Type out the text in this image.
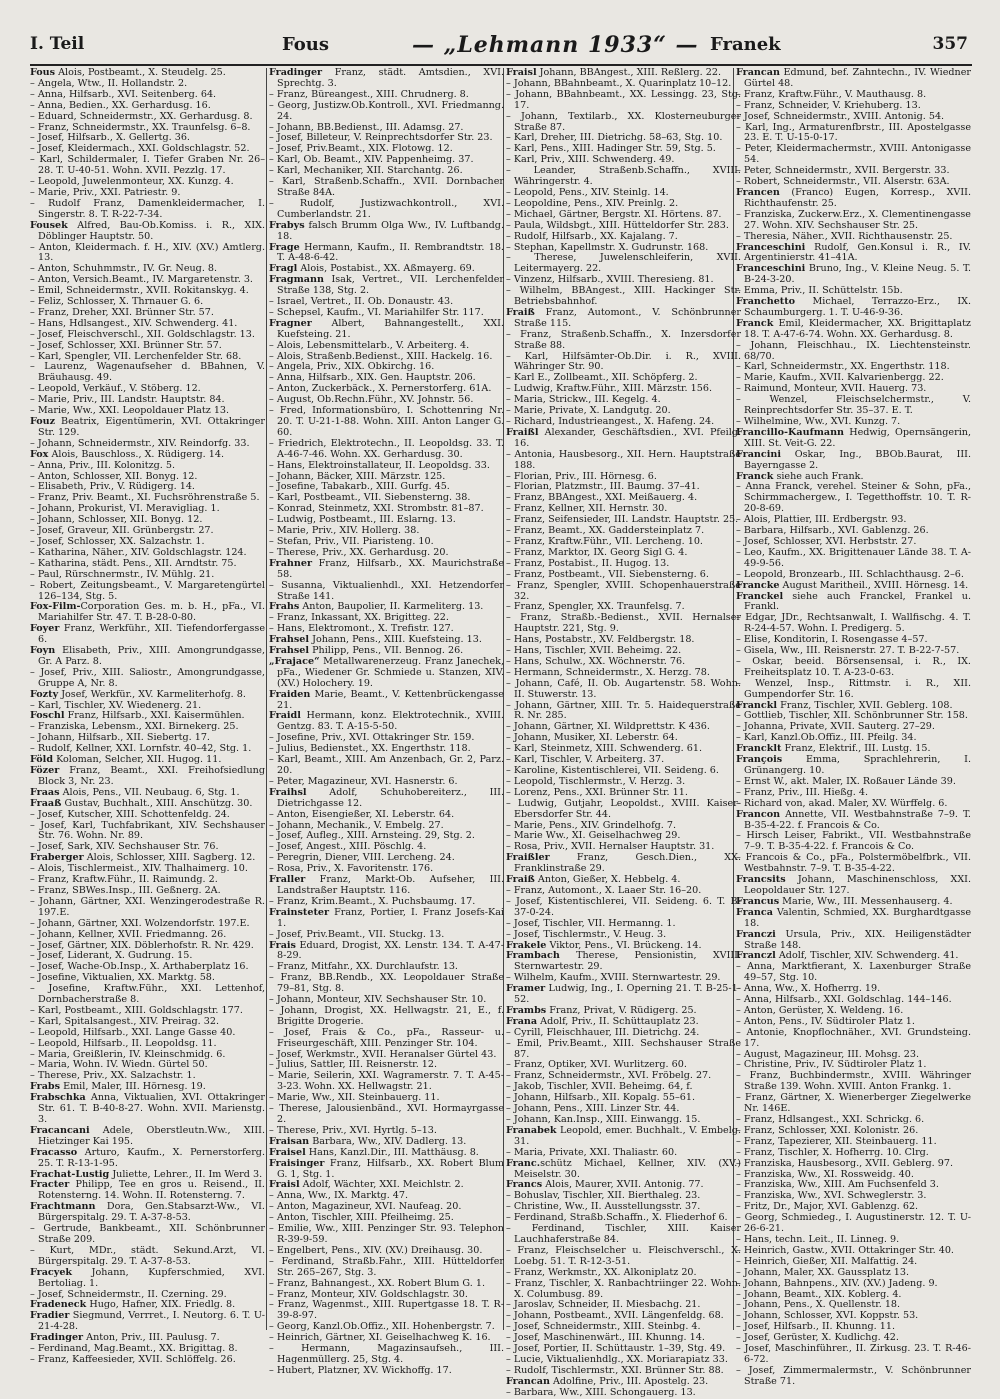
I. Teil	Fous	— „Lehmann 1933“ — Franek	357

Fous Alois, Postbeamt., X. Steudelg. 25.

– Angela, Wtw., II. Hollandstr. 2.

– Anna, Hilfsarb., XVI. Seitenberg. 64.

– Anna, Bedien., XX. Gerhardusg. 16.

– Eduard, Schneidermstr., XX. Gerhardusg. 8.

– Franz, Schneidermstr., XX. Traunfelsg. 6–8.

– Josef, Hilfsarb., X. Gellertg. 36.

– Josef, Kleidermach., XXI. Goldschlagstr. 52.

– Karl, Schildermaler, I. Tiefer Graben Nr. 26–28. T. U-40-51. Wohn. XVII. Pezzlg. 17.

– Leopold, Juwelenmonteur, XX. Kunzg. 4.

– Marie, Priv., XXI. Patriestr. 9.

– Rudolf Franz, Damenkleidermacher, I. Singerstr. 8. T. R-22-7-34.

Fousek Alfred, Bau-Ob.Komiss. i. R., XIX. Döblinger Hauptstr. 50.

– Anton, Kleidermach. f. H., XIV. (XV.) Amtlerg. 13.

– Anton, Schuhmmstr., IV. Gr. Neug. 8.

– Anton, Versich.Beamt., IV. Margaretenstr. 3.

– Emil, Schneidermstr., XVII. Rokitanskyg. 4.

– Feliz, Schlosser, X. Thrnauer G. 6.

– Franz, Dreher, XXI. Brünner Str. 57.

– Hans, Hdlsangest., XIV. Schwenderg. 41.

– Josef, Fleischverschl., XII. Goldschlagstr. 13.

– Josef, Schlosser, XXI. Brünner Str. 57.

– Karl, Spengler, VII. Lerchenfelder Str. 68.

– Laurenz, Wagenaufseher d. BBahnen, V. Bräuhausg. 49.

– Leopold, Verkäuf., V. Stöberg. 12.

– Marie, Priv., III. Landstr. Hauptstr. 84.

– Marie, Ww., XXI. Leopoldauer Platz 13.

Fouz Beatrix, Eigentümerin, XVI. Ottakringer Str. 129.

– Johann, Schneidermstr., XIV. Reindorfg. 33.

Fox Alois, Bauschloss., X. Rüdigerg. 14.

– Anna, Priv., III. Kolonitzg. 5.

– Anton, Schlosser, XII. Bonyg. 12.

– Elisabeth, Priv., V. Rüdigerg. 14.

– Franz, Priv. Beamt., XI. Fuchsröhrenstraße 5.

– Johann, Prokurist, VI. Meravigliag. 1.

– Johann, Schlosser, XII. Bonyg. 12.

– Josef, Graveur, XII. Grünbergstr. 27.

– Josef, Schlosser, XX. Salzachstr. 1.

– Katharina, Näher., XIV. Goldschlagstr. 124.

– Katharina, städt. Pens., XII. Arndtstr. 75.

– Paul, Rürschnermstr., IV. Mühlg. 21.

– Robert, Zeitungsbeamt., V. Margaretengürtel 126–134, Stg. 5.

Fox-Film-Corporation Ges. m. b. H., pFa., VI. Mariahilfer Str. 47. T. B-28-0-80.

Foyer Franz, Werkführ., XII. Tiefendorfergasse 6.

Foyn Elisabeth, Priv., XIII. Amongrundgasse, Gr. A Parz. 8.

– Josef, Priv., XIII. Saliostr., Amongrundgasse, Gruppe A, Nr. 8.

Fozty Josef, Werkfür., XV. Karmeliterhofg. 8.

– Karl, Tischler, XV. Wiedenerg. 21.

Foschl Franz, Hilfsarb., XXI. Kaisermühlen.

– Franziska, Lebensm., XXI. Birnekerg. 25.

– Johann, Hilfsarb., XII. Siebertg. 17.

– Rudolf, Kellner, XXI. Lornfstr. 40–42, Stg. 1.

Föld Koloman, Selcher, XII. Hugog. 11.

Fözer Franz, Beamt., XXI. Freihofsiedlung Block 3, Nr. 23.

Fraas Alois, Pens., VII. Neubaug. 6, Stg. 1.

Fraaß Gustav, Buchhalt., XIII. Anschützg. 30.

– Josef, Kutscher, XIII. Schottenfeldg. 24.

– Josef, Karl, Tuchfabrikant, XIV. Sechshauser Str. 76. Wohn. Nr. 89.

– Josef, Sark, XIV. Sechshauser Str. 76.

Fraberger Alois, Schlosser, XIII. Sagberg. 12.

– Alois, Tischlermeist., XIV. Thalhaimerg. 10.

– Franz, Kraftw.Führ., II. Raimundg. 2.

– Franz, SBWes.Insp., III. Geßnerg. 2A.

– Johann, Gärtner, XXI. Wenzingerodestraße R. 197.E.

– Johann, Gärtner, XXI. Wolzendorfstr. 197.E.

– Johann, Kellner, XVII. Friedmanng. 26.

– Josef, Gärtner, XIX. Döblerhofstr. R. Nr. 429.

– Josef, Liderant, X. Gudrung. 15.

– Josef, Wache-Ob.Insp., X. Arthaberplatz 16.

– Josefine, Viktualien, XX. Marktg. 58.

– Josefine, Kraftw.Führ., XXI. Lettenhof, Dornbacherstraße 8.

– Karl, Postbeamt., XIII. Goldschlagstr. 177.

– Karl, Spitalsangest., XIV. Preirag. 32.

– Leopold, Hilfsarb., XXI. Lange Gasse 40.

– Leopold, Hilfsarb., II. Leopoldsg. 11.

– Maria, Greißlerin, IV. Kleinschmidg. 6.

– Maria, Wohn. IV. Wiedn. Gürtel 50.

– Therese, Priv., XX. Salzachstr. 1.

Frabs Emil, Maler, III. Hörnesg. 19.

Frabschka Anna, Viktualien, XVI. Ottakringer Str. 61. T. B-40-8-27. Wohn. XVII. Marienstg. 3.

Fracancani Adele, Oberstleutn.Ww., XIII. Hietzinger Kai 195.

Fracasso Arturo, Kaufm., X. Pernerstorferg. 25. T. R-13-1-95.

Frachat-Lustig Juliette, Lehrer., II. Im Werd 3.

Fracter Philipp, Tee en gros u. Reisend., II. Rotensterng. 14. Wohn. II. Rotensterng. 7.

Frachtmann Dora, Gen.Stabsarzt-Ww., VI. Bürgerspitalg. 29. T. A-37-8-53.

– Gertrude, Bankbeamt., XII. Schönbrunner Straße 209.

– Kurt, MDr., städt. Sekund.Arzt, VI. Bürgerspitalg. 29. T. A-37-8-53.

Fracyek Johann, Kupferschmied, XVI. Bertoliag. 1.

– Josef, Schneidermstr., II. Czerning. 29.

Fradeneck Hugo, Hafner, XIX. Friedlg. 8.

Fradier Siegmund, Verrret., I. Neutorg. 6. T. U-21-4-28.

Fradinger Anton, Priv., III. Paulusg. 7.

– Ferdinand, Mag.Beamt., XX. Brigittag. 8.

– Franz, Kaffeesieder, XVII. Schlöffelg. 26.

Fradinger Franz, städt. Amtsdien., XVI. Sprechtg. 3.

– Franz, Büreangest., XIII. Chrudnerg. 8.

– Georg, Justizw.Ob.Kontroll., XVI. Friedmanng. 24.

– Johann, BB.Bedienst., III. Adamsg. 27.

– Josef, Billeteur, V. Reinprechtsdorfer Str. 23.

– Josef, Priv.Beamt., XIX. Flotowg. 12.

– Karl, Ob. Beamt., XIV. Pappenheimg. 37.

– Karl, Mechaniker, XII. Starchantg. 26.

– Karl, Straßenb.Schaffn., XVII. Dornbacher Straße 84A.

– Rudolf, Justizwachkontroll., XVI. Cumberlandstr. 21.

Frabys falsch Brumm Olga Ww., IV. Luftbandg. 18.

Frage Hermann, Kaufm., II. Rembrandtstr. 18. T. A-48-6-42.

Fragl Alois, Postabist., XX. Aßmayerg. 69.

Fragmann Isak, Vertret., VII. Lerchenfelder Straße 138, Stg. 2.

– Israel, Vertret., II. Ob. Donaustr. 43.

– Schepsel, Kaufm., VI. Mariahilfer Str. 117.

Fragner Albert, Bahnangestellt., XXI. Kuefsteing. 21.

– Alois, Lebensmittelarb., V. Arbeiterg. 4.

– Alois, Straßenb.Bedienst., XIII. Hackelg. 16.

– Angela, Priv., XIX. Obkirchg. 16.

– Anna, Hilfsarb., XIX. Gen. Hauptstr. 206.

– Anton, Zuckerbäck., X. Pernerstorferg. 61A.

– August, Ob.Rechn.Führ., XV. Johnstr. 56.

– Fred, Informationsbüro, I. Schottenring Nr. 20. T. U-21-1-88. Wohn. XIII. Anton Langer G. 60.

– Friedrich, Elektrotechn., II. Leopoldsg. 33. T. A-46-7-46. Wohn. XX. Gerhardusg. 30.

– Hans, Elektroinstallateur, II. Leopoldsg. 33.

– Johann, Bäcker, XIII. Märzstr. 125.

– Josefine, Tabakarb., XIII. Gurfg. 45.

– Karl, Postbeamt., VII. Siebensterng. 38.

– Konrad, Steinmetz, XXI. Strombstr. 81–87.

– Ludwig, Postbeamt., III. Eslarng. 13.

– Marie, Priv., XIV. Hollerg. 38.

– Stefan, Priv., VII. Piaristeng. 10.

– Therese, Priv., XX. Gerhardusg. 20.

Frahner Franz, Hilfsarb., XX. Maurichstraße 58.

– Susanna, Viktualienhdl., XXI. Hetzendorfer Straße 141.

Frahs Anton, Baupolier, II. Karmeliterg. 13.

– Franz, Inkassant, XX. Brigitteg. 22.

– Hans, Elektromont., X. Trefistr. 127.

Frahsel Johann, Pens., XIII. Kuefsteing. 13.

Frahsel Philipp, Pens., VII. Bennog. 26.

„Frajace“ Metallwarenerzeug. Franz Janechek, pFa., Wiedener Gr. Schmiede u. Stanzen, XIV. (XV.) Holochery. 19.

Fraiden Marie, Beamt., V. Kettenbrückengasse 21.

Fraidl Hermann, konz. Elektrotechnik., XVIII. Gentzg. 83. T. A-15-5-50.

– Josefine, Priv., XVI. Ottakringer Str. 159.

– Julius, Bedienstet., XX. Engerthstr. 118.

– Karl, Beamt., XIII. Am Anzenbach, Gr. 2, Parz. 20.

– Peter, Magazineur, XVI. Hasnerstr. 6.

Fraihsl Adolf, Schuhobereiterz., III. Dietrichgasse 12.

– Anton, Eisengießer, XI. Leberstr. 64.

– Johann, Mechanik., V. Embelg. 27.

– Josef, Aufleg., XIII. Arnsteing. 29, Stg. 2.

– Josef, Angest., XIII. Pöschlg. 4.

– Peregrin, Diener, VIII. Lercheng. 24.

– Rosa, Priv., X. Favoritenstr. 176.

Fraller Franz, Markt-Ob. Aufseher, III. Landstraßer Hauptstr. 116.

– Franz, Krim.Beamt., X. Puchsbaumg. 17.

Frainsteter Franz, Portier, I. Franz Josefs-Kai 1.

– Josef, Priv.Beamt., VII. Stuckg. 13.

Frais Eduard, Drogist, XX. Lenstr. 134. T. A-47-8-29.

– Franz, Mitfahr., XX. Durchlaufstr. 13.

– Franz, BB.Rendb., XX. Leopoldauer Straße 79–81, Stg. 8.

– Johann, Monteur, XIV. Sechshauser Str. 10.

– Johann, Drogist, XX. Hellwagstr. 21, E., f. Brigitte Drogerie.

– Josef, Frais & Co., pFa., Rasseur- u. Friseurgeschäft, XIII. Penzinger Str. 104.

– Josef, Werkmstr., XVII. Heranalser Gürtel 43.

– Julius, Sattler, III. Reisnerstr. 12.

– Marie, Seilerin, XXI. Wagramerstr. 7. T. A-45-3-23. Wohn. XX. Hellwagstr. 21.

– Marie, Ww., XII. Steinbauerg. 11.

– Therese, Jalousienbänd., XVI. Hormayrgasse 2.

– Therese, Priv., XVI. Hyrtlg. 5–13.

Fraisan Barbara, Ww., XIV. Dadlerg. 13.

Fraisel Hans, Kanzl.Dir., III. Matthäusg. 8.

Fraisinger Franz, Hilfsarb., XX. Robert Blum G. 1, Stg. 1.

Fraisl Adolf, Wächter, XXI. Meichlstr. 2.

– Anna, Ww., IX. Marktg. 47.

– Anton, Magazineur, XVI. Naufeag. 20.

– Anton, Tischler, XIII. Pfeilheimg. 25.

– Emilie, Ww., XIII. Penzinger Str. 93. Telephon R-39-9-59.

– Engelbert, Pens., XIV. (XV.) Dreihausg. 30.

– Ferdinand, Straßb.Fahr., XIII. Hütteldorfer Str. 265–267, Stg. 3.

– Franz, Bahnangest., XX. Robert Blum G. 1.

– Franz, Monteur, XIV. Goldschlagstr. 30.

– Franz, Wagenmst., XIII. Rupertgasse 18. T. R-39-8-97.

– Georg, Kanzl.Ob.Offiz., XII. Hohenbergstr. 7.

– Heinrich, Gärtner, XI. Geiselhachweg K. 16.

– Hermann, Magazinsaufseh., III. Hagenmüllerg. 25, Stg. 4.

– Hubert, Platzner, XV. Wickhoffg. 17.

Fraisl Johann, BBAngest., XIII. Reßlerg. 22.

– Johann, BBahnbeamt., X. Quarinplatz 10–12.

– Johann, BBahnbeamt., XX. Lessingg. 23, Stg. 17.

– Johann, Textilarb., XX. Klosterneuburger Straße 87.

– Karl, Dreher, III. Dietrichg. 58–63, Stg. 10.

– Karl, Pens., XIII. Hadinger Str. 59, Stg. 5.

– Karl, Priv., XIII. Schwenderg. 49.

– Leander, Straßenb.Schaffn., XVIII. Währingerstr. 4.

– Leopold, Pens., XIV. Steinlg. 14.

– Leopoldine, Pens., XIV. Preinlg. 2.

– Michael, Gärtner, Bergstr. XI. Hörtens. 87.

– Paula, Wildsbgt., XIII. Hütteldorfer Str. 283.

– Rudolf, Hilfsarb., XX. Kajalang. 7.

– Stephan, Kapellmstr. X. Gudrunstr. 168.

– Therese, Juwelenschleiferin, XVII. Leitermayerg. 22.

– Vinzenz, Hilfsarb., XVIII. Theresieng. 81.

– Wilhelm, BBAngest., XIII. Hackinger Str. Betriebsbahnhof.

Fraiß Franz, Automont., V. Schönbrunner Straße 115.

– Franz, Straßenb.Schaffn., X. Inzersdorfer Straße 88.

– Karl, Hilfsämter-Ob.Dir. i. R., XVIII. Währinger Str. 90.

– Karl E., Zollbeamt., XII. Schöpferg. 2.

– Ludwig, Kraftw.Führ., XIII. Märzstr. 156.

– Maria, Strickw., III. Kegelg. 4.

– Marie, Private, X. Landgutg. 20.

– Richard, Industrieangest., X. Hafeng. 24.

Fraißl Alexander, Geschäftsdien., XVI. Pfeilg. 16.

– Antonia, Hausbesorg., XII. Hern. Hauptstraße 188.

– Florian, Priv., III. Hörnesg. 6.

– Florian, Platzmstr., III. Baumg. 37–41.

– Franz, BBAngest., XXI. Meißauerg. 4.

– Franz, Kellner, XII. Hernstr. 30.

– Franz, Seifensieder, III. Landstr. Hauptstr. 25.

– Franz, Beamt., XX. Gaddersteinplatz 7.

– Franz, Kraftw.Führ., VII. Lercheng. 10.

– Franz, Marktor, IX. Georg Sigl G. 4.

– Franz, Postabist., II. Hugog. 13.

– Franz, Postbeamt., VII. Siebensterng. 6.

– Franz, Spengler, XVIII. Schopenhauerstraße 32.

– Franz, Spengler, XX. Traunfelsg. 7.

– Franz, Straßb.-Bedienst., XVII. Hernalser Hauptstr. 221, Stg. 9.

– Hans, Postabstr., XV. Feldbergstr. 18.

– Hans, Tischler, XVII. Beheimg. 22.

– Hans, Schulw., XX. Wöchnerstr. 76.

– Hermann, Schneidermstr., X. Herzg. 78.

– Johann, Café, II. Ob. Augartenstr. 58. Wohn. II. Stuwerstr. 13.

– Johann, Gärtner, XIII. Tr. 5. Haidequerstraße R. Nr. 285.

– Johann, Gärtner, XI. Wildprettstr. K 436.

– Johann, Musiker, XI. Leberstr. 64.

– Karl, Steinmetz, XIII. Schwenderg. 61.

– Karl, Tischler, V. Arbeiterg. 37.

– Karoline, Kistentischlerei, VII. Seideng. 6.

– Leopold, Tischlermstr., V. Herzg. 3.

– Lorenz, Pens., XXI. Brünner Str. 11.

– Ludwig, Gutjahr, Leopoldst., XVIII. Kaiser-Ebersdorfer Str. 44.

– Marie, Pens., XIV. Grindelhofg. 7.

– Marie Ww., XI. Geiselhachweg 29.

– Rosa, Priv., XVII. Hernalser Hauptstr. 31.

Fraißler Franz, Gesch.Dien., XX. Franklinstraße 29.

Fraiß Anton, Gießer, X. Hebbelg. 4.

– Franz, Automont., X. Laaer Str. 16–20.

– Josef, Kistentischlerei, VII. Seideng. 6. T. B-37-0-24.

– Josef, Tischler, VII. Hermanng. 1.

– Josef, Tischlermstr., V. Heug. 3.

Frakele Viktor, Pens., VI. Brückeng. 14.

Frambach Therese, Pensionistin, XVIII. Sternwartestr. 29.

– Wilhelm, Kaufm., XVIII. Sternwartestr. 29.

Framer Ludwig, Ing., I. Operning 21. T. B-25-1-52.

Frambs Franz, Privat, V. Rüdigerg. 25.

Frana Adolf, Priv., II. Schüttauplatz 23.

– Cyrill, Fleischhauer, III. Dietrichg. 24.

– Emil, Priv.Beamt., XIII. Sechshauser Straße 87.

– Franz, Optiker, XVI. Wurlitzerg. 60.

– Franz, Schneidermstr., XVI. Fröbelg. 27.

– Jakob, Tischler, XVII. Beheimg. 64, f.

– Johann, Hilfsarb., XII. Kopalg. 55–61.

– Johann, Pens., XIII. Linzer Str. 44.

– Johann, Kan.Insp., XIII. Einwangg. 15.

Franabek Leopold, emer. Buchhalt., V. Embelg. 31.

– Maria, Private, XXI. Thaliastr. 60.

Franc.schütz Michael, Kellner, XIV. (XV.) Meiselstr. 30.

Francs Alois, Maurer, XVII. Antonig. 77.

– Bohuslav, Tischler, XII. Bierthaleg. 23.

– Christine, Ww., II. Ausstellungsstr. 37.

– Ferdinand, Straßb.Schaffn., X. Fliederhof 6.

– Ferdinand, Tischler, XIII. Kaiser Lauchhaferstraße 84.

– Franz, Fleischselcher u. Fleischverschl., X. Loebg. 51. T. R-12-3-51.

– Franz, Werkmstr., XX. Alkoniplatz 20.

– Franz, Tischler, X. Ranbachtriinger 22. Wohn. X. Columbusg. 89.

– Jaroslav, Schneider, II. Miesbachg. 21.

– Johann, Postbeamt., XVII. Längenfeldg. 68.

– Josef, Schneidermstr., XIII. Steinbg. 4.

– Josef, Maschinenwärt., III. Khunng. 14.

– Josef, Portier, II. Schüttaustr. 1–39, Stg. 49.

– Lucie, Viktualienhdlg., XX. Moriarapiatz 33.

– Rudolf, Tischlermstr., XXI. Brünner Str. 88.

Francan Adolfine, Priv., III. Apostelg. 23.

– Barbara, Ww., XIII. Schongauerg. 13.

Francan Edmund, bef. Zahntechn., IV. Wiedner Gürtel 48.

– Franz, Kraftw.Führ., V. Mauthausg. 8.

– Franz, Schneider, V. Kriehuberg. 13.

– Josef, Schneidermstr., XVIII. Antonig. 54.

– Karl, Ing., Armaturenfbrstr., III. Apostelgasse 23. E. T. U-15-0-17.

– Peter, Kleidermachermstr., XVIII. Antonigasse 54.

– Peter, Schneidermstr., XVII. Bergerstr. 33.

– Robert, Schneidermstr., VII. Alserstr. 63A.

Francen (Franco) Eugen, Korresp., XVII. Richthaufenstr. 25.

– Franziska, Zuckerw.Erz., X. Clementinengasse 27. Wohn. XIV. Sechshauser Str. 25.

– Theresia, Näher., XVII. Richthausenstr. 25.

Franceschini Rudolf, Gen.Konsul i. R., IV. Argentinierstr. 41–41A.

Franceschini Bruno, Ing., V. Kleine Neug. 5. T. B-24-3-20.

– Emma, Priv., II. Schüttelstr. 15b.

Franchetto Michael, Terrazzo-Erz., IX. Schaumburgerg. 1. T. U-46-9-36.

Franck Emil, Kleidermacher, XX. Brigittaplatz 18. T. A-47-6-74. Wohn. XX. Gerhardusg. 8.

– Johann, Fleischhau., IX. Liechtensteinstr. 68/70.

– Karl, Schneidermstr., XX. Engerthstr. 118.

– Marie, Kaufm., XVII. Kalvarienbergg. 22.

– Raimund, Monteur, XVII. Hauerg. 73.

– Wenzel, Fleischselchermstr., V. Reinprechtsdorfer Str. 35–37. E. T.

– Wilhelmine, Ww., XVI. Kunzg. 7.

Francillo-Kaufmann Hedwig, Opernsängerin, XIII. St. Veit-G. 22.

Francini Oskar, Ing., BBOb.Baurat, III. Bayerngasse 2.

Franck siehe auch Frank.

– Anna Franck, verehel. Steiner & Sohn, pFa., Schirmmachergew., I. Tegetthoffstr. 10. T. R-20-8-69.

– Alois, Plattier, III. Erdbergstr. 93.

– Barbara, Hilfsarb., XVI. Gablenzg. 26.

– Josef, Schlosser, XVI. Herbststr. 27.

– Leo, Kaufm., XX. Brigittenauer Lände 38. T. A-49-9-56.

– Leopold, Bronzearb., III. Schlachthausg. 2–6.

Francke August Maritheil., XVIII. Hörnesg. 14.

Franckel siehe auch Franckel, Frankel u. Frankl.

– Edgar, JDr., Rechtsanwalt, I. Wallfischg. 4. T. R-24-4-57. Wohn. I. Predigerg. 5.

– Elise, Konditorin, I. Rosengasse 4–57.

– Gisela, Ww., III. Reisnerstr. 27. T. B-22-7-57.

– Oskar, beeid. Börsensensal, i. R., IX. Freiheitsplatz 10. T. A-23-0-63.

– Wenzel, Insp., Rittmstr. i. R., XII. Gumpendorfer Str. 16.

Franckl Franz, Tischler, XVII. Geblerg. 108.

– Gottlieb, Tischler, XII. Schönbrunner Str. 158.

– Johanna, Private, XVII. Sauterg. 27–29.

– Karl, Kanzl.Ob.Offiz., III. Pfeilg. 34.

Francklt Franz, Elektrif., III. Lustg. 15.

François Emma, Sprachlehrerin, I. Grünangerg. 10.

– Ernst W., akt. Maler, IX. Roßauer Lände 39.

– Franz, Priv., III. Hießg. 4.

– Richard von, akad. Maler, XV. Würffelg. 6.

Francon Annette, VII. Westbahnstraße 7–9. T. B-35-4-22. f. Francois & Co.

– Hirsch Leiser, Fabrikt., VII. Westbahnstraße 7–9. T. B-35-4-22. f. Francois & Co.

– Francois & Co., pFa., Polstermöbelfbrk., VII. Westbahnstr. 7–9. T. B-35-4-22.

Francsits Johann, Maschinenschloss, XXI. Leopoldauer Str. 127.

Francus Marie, Ww., III. Messenhauserg. 4.

Franca Valentin, Schmied, XX. Burghardtgasse 18.

Franczi Ursula, Priv., XIX. Heiligenstädter Straße 148.

Franczl Adolf, Tischler, XIV. Schwenderg. 41.

– Anna, Marktfierant, X. Laxenburger Straße 49–57, Stg. 10.

– Anna, Ww., X. Hofherrg. 19.

– Anna, Hilfsarb., XXI. Goldschlag. 144–146.

– Anton, Gerüster, X. Weldeng. 16.

– Anton, Pens., IV. Südtiroler Platz 1.

– Antonie, Knopflochnäher., XVI. Grundsteing. 17.

– August, Magazineur, III. Mohsg. 23.

– Christine, Priv., IV. Südtiroler Platz 1.

– Franz, Buchbindermstr., XVIII. Währinger Straße 139. Wohn. XVIII. Anton Frankg. 1.

– Franz, Gärtner, X. Wienerberger Ziegelwerke Nr. 146E.

– Franz, Hdlsangest., XXI. Schrickg. 6.

– Franz, Schlosser, XXI. Kolonistr. 26.

– Franz, Tapezierer, XII. Steinbauerg. 11.

– Franz, Tischler, X. Hofherrg. 10. Clrg.

– Franziska, Hausbesorg., XVII. Geblerg. 97.

– Franziska, Ww., XI. Rossweidg. 40.

– Franziska, Ww., XIII. Am Fuchsenfeld 3.

– Franziska, Ww., XVI. Schweglerstr. 3.

– Fritz, Dr., Major, XVI. Gablenzg. 62.

– Georg, Schmiedeg., I. Augustinerstr. 12. T. U-26-6-21.

– Hans, techn. Leit., II. Linneg. 9.

– Heinrich, Gastw., XVII. Ottakringer Str. 40.

– Heinrich, Gießer, XII. Malfattig. 24.

– Johann, Maler, XX. Gaussplatz 13.

– Johann, Bahnpens., XIV. (XV.) Jadeng. 9.

– Johann, Beamt., XIX. Koblerg. 4.

– Johann, Pens., X. Quellenstr. 18.

– Johann, Schlosser, XVI. Koppstr. 53.

– Josef, Hilfsarb., II. Khunng. 11.

– Josef, Gerüster, X. Kudlichg. 42.

– Josef, Maschinführer., II. Zirkusg. 23. T. R-46-6-72.

– Josef, Zimmermalermstr., V. Schönbrunner Straße 71.
